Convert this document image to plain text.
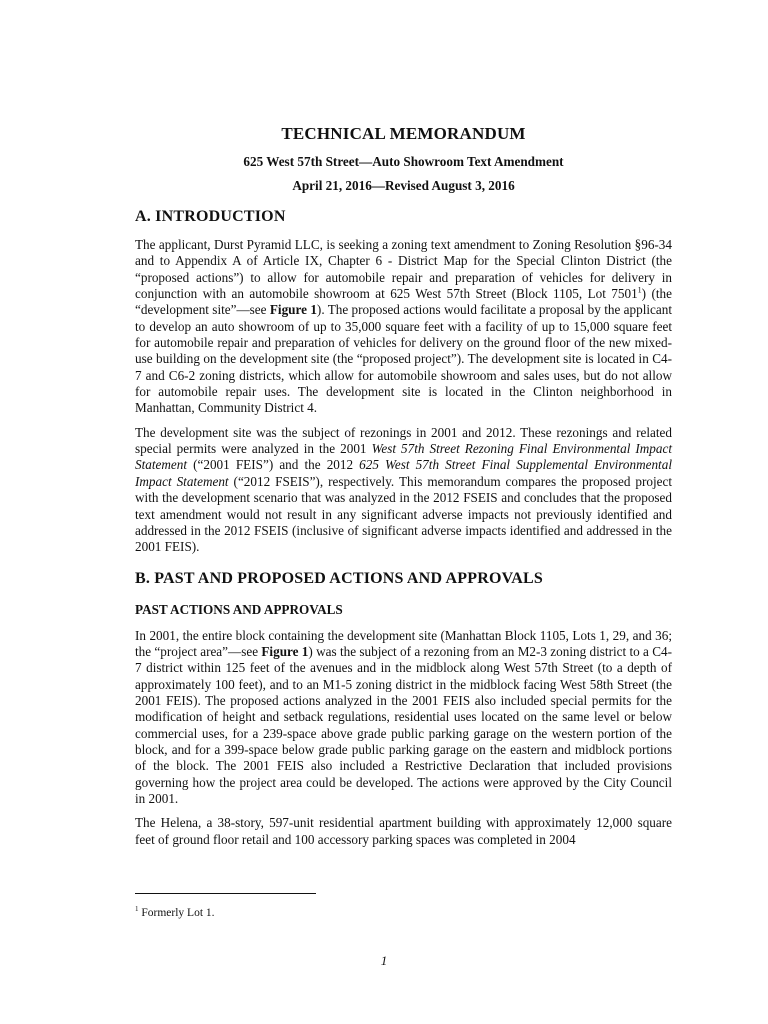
TECHNICAL MEMORANDUM
625 West 57th Street—Auto Showroom Text Amendment
April 21, 2016—Revised August 3, 2016
A. INTRODUCTION

The applicant, Durst Pyramid LLC, is seeking a zoning text amendment to Zoning Resolution §96-34 and to Appendix A of Article IX, Chapter 6 - District Map for the Special Clinton District (the “proposed actions”) to allow for automobile repair and preparation of vehicles for delivery in conjunction with an automobile showroom at 625 West 57th Street (Block 1105, Lot 7501$^1$) (the “development site”—see Figure 1). The proposed actions would facilitate a proposal by the applicant to develop an auto showroom of up to 35,000 square feet with a facility of up to 15,000 square feet for automobile repair and preparation of vehicles for delivery on the ground floor of the new mixed-use building on the development site (the “proposed project”). The development site is located in C4-7 and C6-2 zoning districts, which allow for automobile showroom and sales uses, but do not allow for automobile repair uses. The development site is located in the Clinton neighborhood in Manhattan, Community District 4.

The development site was the subject of rezonings in 2001 and 2012. These rezonings and related special permits were analyzed in the 2001 West 57th Street Rezoning Final Environmental Impact Statement (“2001 FEIS”) and the 2012 625 West 57th Street Final Supplemental Environmental Impact Statement (“2012 FSEIS”), respectively. This memorandum compares the proposed project with the development scenario that was analyzed in the 2012 FSEIS and concludes that the proposed text amendment would not result in any significant adverse impacts not previously identified and addressed in the 2012 FSEIS (inclusive of significant adverse impacts identified and addressed in the 2001 FEIS).

B. PAST AND PROPOSED ACTIONS AND APPROVALS
PAST ACTIONS AND APPROVALS

In 2001, the entire block containing the development site (Manhattan Block 1105, Lots 1, 29, and 36; the “project area”—see Figure 1) was the subject of a rezoning from an M2-3 zoning district to a C4-7 district within 125 feet of the avenues and in the midblock along West 57th Street (to a depth of approximately 100 feet), and to an M1-5 zoning district in the midblock facing West 58th Street (the 2001 FEIS). The proposed actions analyzed in the 2001 FEIS also included special permits for the modification of height and setback regulations, residential uses located on the same level or below commercial uses, for a 239-space above grade public parking garage on the western portion of the block, and for a 399-space below grade public parking garage on the eastern and midblock portions of the block. The 2001 FEIS also included a Restrictive Declaration that included provisions governing how the project area could be developed. The actions were approved by the City Council in 2001.

The Helena, a 38-story, 597-unit residential apartment building with approximately 12,000 square feet of ground floor retail and 100 accessory parking spaces was completed in 2004

$^1$ Formerly Lot 1.
1
